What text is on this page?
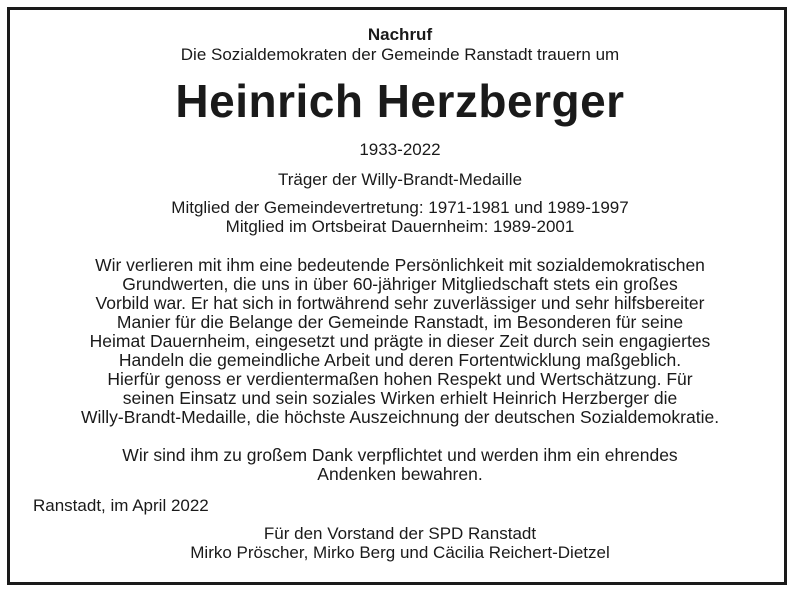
Nachruf
Die Sozialdemokraten der Gemeinde Ranstadt trauern um
Heinrich Herzberger
1933-2022
Träger der Willy-Brandt-Medaille
Mitglied der Gemeindevertretung: 1971-1981 und 1989-1997
Mitglied im Ortsbeirat Dauernheim: 1989-2001
Wir verlieren mit ihm eine bedeutende Persönlichkeit mit sozialdemokratischen
Grundwerten, die uns in über 60-jähriger Mitgliedschaft stets ein großes
Vorbild war. Er hat sich in fortwährend sehr zuverlässiger und sehr hilfsbereiter
Manier für die Belange der Gemeinde Ranstadt, im Besonderen für seine
Heimat Dauernheim, eingesetzt und prägte in dieser Zeit durch sein engagiertes
Handeln die gemeindliche Arbeit und deren Fortentwicklung maßgeblich.
Hierfür genoss er verdientermaßen hohen Respekt und Wertschätzung. Für
seinen Einsatz und sein soziales Wirken erhielt Heinrich Herzberger die
Willy-Brandt-Medaille, die höchste Auszeichnung der deutschen Sozialdemokratie.
Wir sind ihm zu großem Dank verpflichtet und werden ihm ein ehrendes
Andenken bewahren.
Ranstadt, im April 2022
Für den Vorstand der SPD Ranstadt
Mirko Pröscher, Mirko Berg und Cäcilia Reichert-Dietzel
